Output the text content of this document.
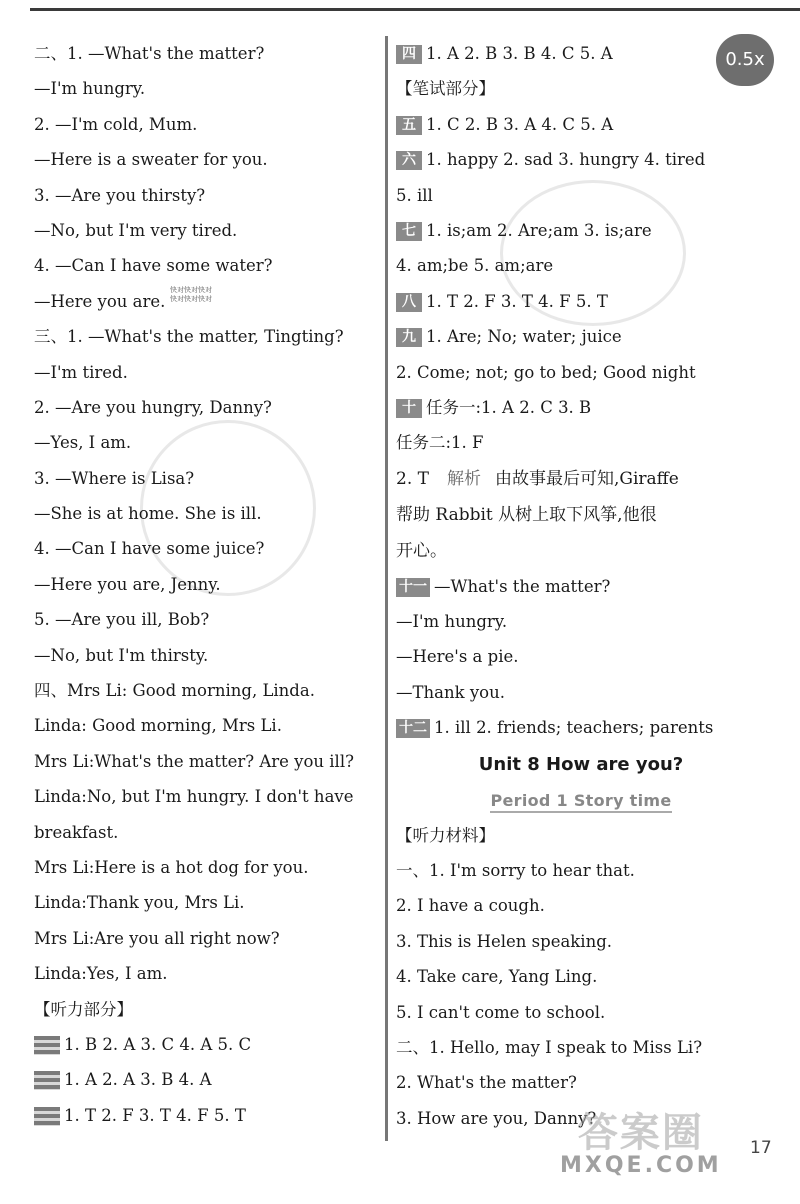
二、1. —What's the matter?
—I'm hungry.
2. —I'm cold, Mum.
—Here is a sweater for you.
3. —Are you thirsty?
—No, but I'm very tired.
4. —Can I have some water?
—Here you are.
三、1. —What's the matter, Tingting?
—I'm tired.
2. —Are you hungry, Danny?
—Yes, I am.
3. —Where is Lisa?
—She is at home. She is ill.
4. —Can I have some juice?
—Here you are, Jenny.
5. —Are you ill, Bob?
—No, but I'm thirsty.
四、Mrs Li: Good morning, Linda.
Linda: Good morning, Mrs Li.
Mrs Li:What's the matter? Are you ill?
Linda:No, but I'm hungry. I don't have
breakfast.
Mrs Li:Here is a hot dog for you.
Linda:Thank you, Mrs Li.
Mrs Li:Are you all right now?
Linda:Yes, I am.
【听力部分】
1. B 2. A 3. C 4. A 5. C
1. A 2. A 3. B 4. A
1. T 2. F 3. T 4. F 5. T
快对快对快对
快对快对快对
四 1. A 2. B 3. B 4. C 5. A
【笔试部分】
五 1. C 2. B 3. A 4. C 5. A
六 1. happy 2. sad 3. hungry 4. tired
5. ill
七 1. is;am 2. Are;am 3. is;are
4. am;be 5. am;are
八 1. T 2. F 3. T 4. F 5. T
九 1. Are; No; water; juice
2. Come; not; go to bed; Good night
十 任务一:1. A 2. C 3. B
任务二:1. F
2. T 解析 由故事最后可知,Giraffe
帮助 Rabbit 从树上取下风筝,他很
开心。
十一 —What's the matter?
—I'm hungry.
—Here's a pie.
—Thank you.
十二 1. ill 2. friends; teachers; parents
Unit 8 How are you?
Period 1 Story time
【听力材料】
一、1. I'm sorry to hear that.
2. I have a cough.
3. This is Helen speaking.
4. Take care, Yang Ling.
5. I can't come to school.
二、1. Hello, may I speak to Miss Li?
2. What's the matter?
3. How are you, Danny?
0.5x
答案圈
MXQE.COM
17
